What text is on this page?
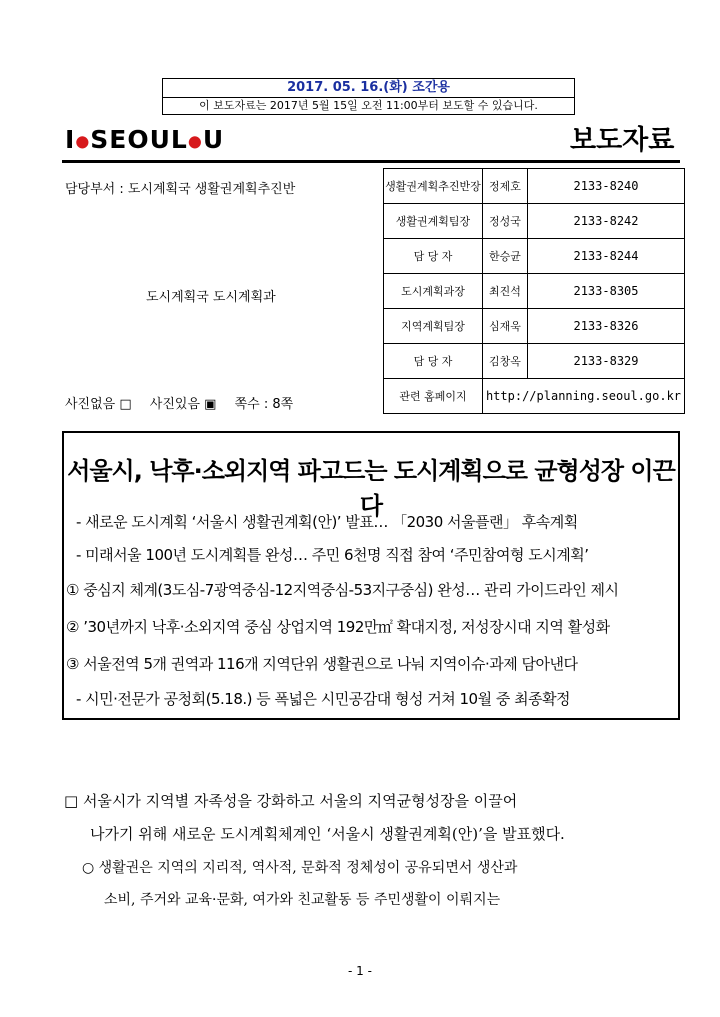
2017. 05. 16.(화) 조간용
이 보도자료는 2017년 5월 15일 오전 11:00부터 보도할 수 있습니다.
I●SEOUL●U	보도자료
담당부서 : 도시계획국 생활권계획추진반
도시계획국 도시계획과
사진없음 □ 사진있음 ▣ 쪽수 : 8쪽
생활권계획추진반장	정제호	2133-8240
생활권계획팀장	정성국	2133-8242
담 당 자	한승균	2133-8244
도시계획과장	최진석	2133-8305
지역계획팀장	심재욱	2133-8326
담 당 자	김창옥	2133-8329
관련 홈페이지	http://planning.seoul.go.kr	
서울시, 낙후·소외지역 파고드는 도시계획으로 균형성장 이끈다
- 새로운 도시계획 ‘서울시 생활권계획(안)’ 발표… 「2030 서울플랜」 후속계획
- 미래서울 100년 도시계획틀 완성… 주민 6천명 직접 참여 ‘주민참여형 도시계획’
① 중심지 체계(3도심-7광역중심-12지역중심-53지구중심) 완성… 관리 가이드라인 제시
② ’30년까지 낙후·소외지역 중심 상업지역 192만㎡ 확대지정, 저성장시대 지역 활성화
③ 서울전역 5개 권역과 116개 지역단위 생활권으로 나눠 지역이슈·과제 담아낸다
- 시민·전문가 공청회(5.18.) 등 폭넓은 시민공감대 형성 거쳐 10월 중 최종확정
□ 서울시가 지역별 자족성을 강화하고 서울의 지역균형성장을 이끌어
나가기 위해 새로운 도시계획체계인 ‘서울시 생활권계획(안)’을 발표했다.
○ 생활권은 지역의 지리적, 역사적, 문화적 정체성이 공유되면서 생산과
소비, 주거와 교육·문화, 여가와 친교활동 등 주민생활이 이뤄지는
- 1 -
